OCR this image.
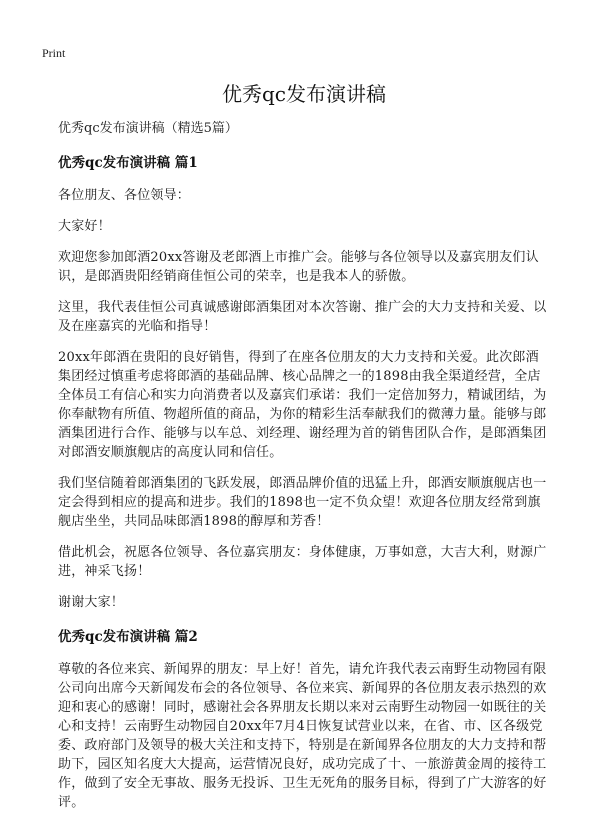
Print
优秀qc发布演讲稿
优秀qc发布演讲稿（精选5篇）
优秀qc发布演讲稿 篇1

各位朋友、各位领导：

大家好！

欢迎您参加郎酒20xx答谢及老郎酒上市推广会。能够与各位领导以及嘉宾朋友们认识，是郎酒贵阳经销商佳恒公司的荣幸，也是我本人的骄傲。

这里，我代表佳恒公司真诚感谢郎酒集团对本次答谢、推广会的大力支持和关爱、以及在座嘉宾的光临和指导！

20xx年郎酒在贵阳的良好销售，得到了在座各位朋友的大力支持和关爱。此次郎酒集团经过慎重考虑将郎酒的基础品牌、核心品牌之一的1898由我全渠道经营，全店全体员工有信心和实力向消费者以及嘉宾们承诺：我们一定倍加努力，精诚团结，为你奉献物有所值、物超所值的商品，为你的精彩生活奉献我们的微薄力量。能够与郎酒集团进行合作、能够与以车总、刘经理、谢经理为首的销售团队合作，是郎酒集团对郎酒安顺旗舰店的高度认同和信任。

我们坚信随着郎酒集团的飞跃发展，郎酒品牌价值的迅猛上升，郎酒安顺旗舰店也一定会得到相应的提高和进步。我们的1898也一定不负众望！欢迎各位朋友经常到旗舰店坐坐，共同品味郎酒1898的醇厚和芳香！

借此机会，祝愿各位领导、各位嘉宾朋友：身体健康，万事如意，大吉大利，财源广进，神采飞扬！

谢谢大家！

优秀qc发布演讲稿 篇2

尊敬的各位来宾、新闻界的朋友：早上好！首先，请允许我代表云南野生动物园有限公司向出席今天新闻发布会的各位领导、各位来宾、新闻界的各位朋友表示热烈的欢迎和衷心的感谢！同时，感谢社会各界朋友长期以来对云南野生动物园一如既往的关心和支持！云南野生动物园自20xx年7月4日恢复试营业以来，在省、市、区各级党委、政府部门及领导的极大关注和支持下，特别是在新闻界各位朋友的大力支持和帮助下，园区知名度大大提高，运营情况良好，成功完成了十、一旅游黄金周的接待工作，做到了安全无事故、服务无投诉、卫生无死角的服务目标，得到了广大游客的好评。
